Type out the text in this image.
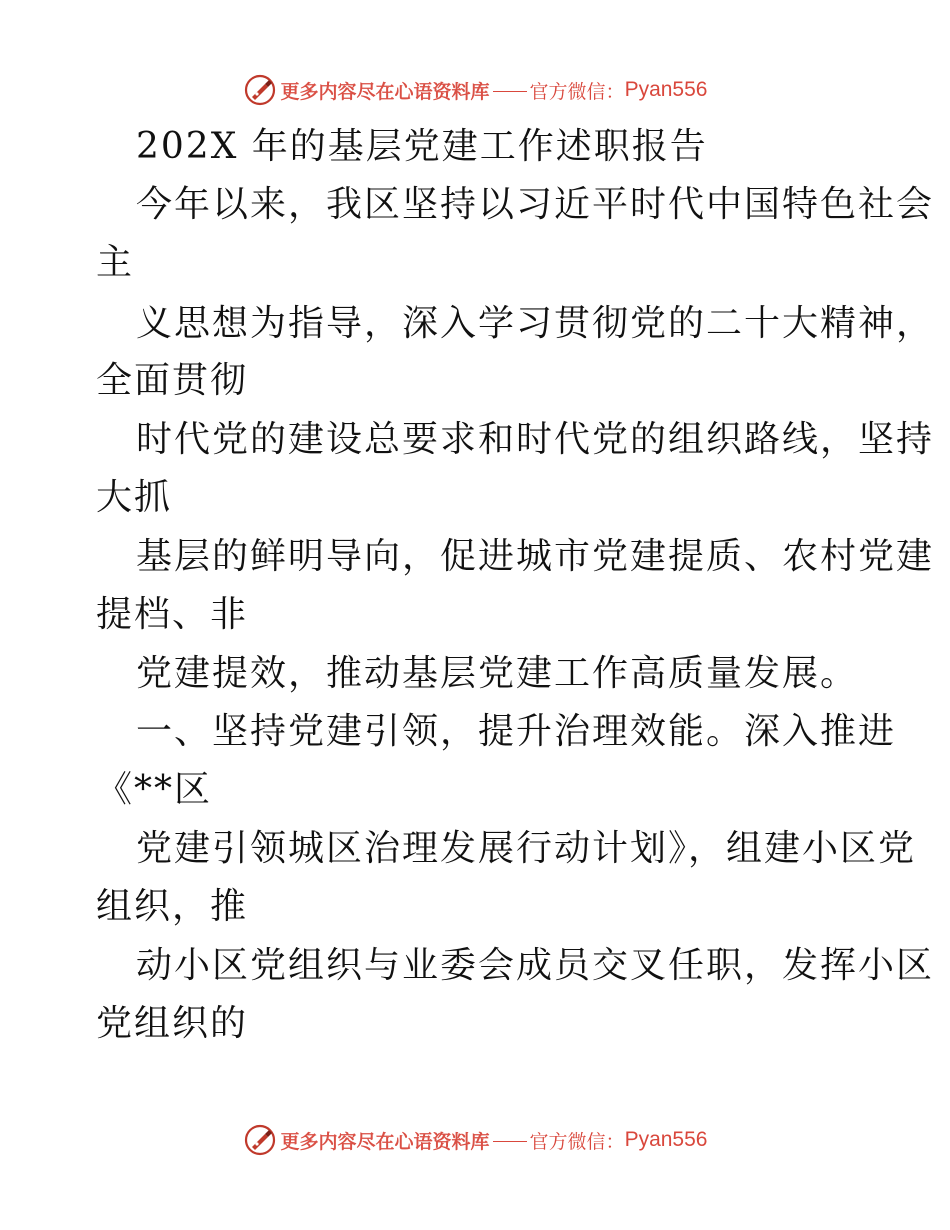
更多内容尽在心语资料库 官方微信： Pyan556
202X 年的基层党建工作述职报告
今年以来，我区坚持以习近平时代中国特色社会
主
义思想为指导，深入学习贯彻党的二十大精神，
全面贯彻
时代党的建设总要求和时代党的组织路线，坚持
大抓
基层的鲜明导向，促进城市党建提质、农村党建
提档、非
党建提效，推动基层党建工作高质量发展。
一、坚持党建引领，提升治理效能。深入推进
《**区
党建引领城区治理发展行动计划》，组建小区党
组织，推
动小区党组织与业委会成员交叉任职，发挥小区
党组织的
更多内容尽在心语资料库 官方微信： Pyan556
